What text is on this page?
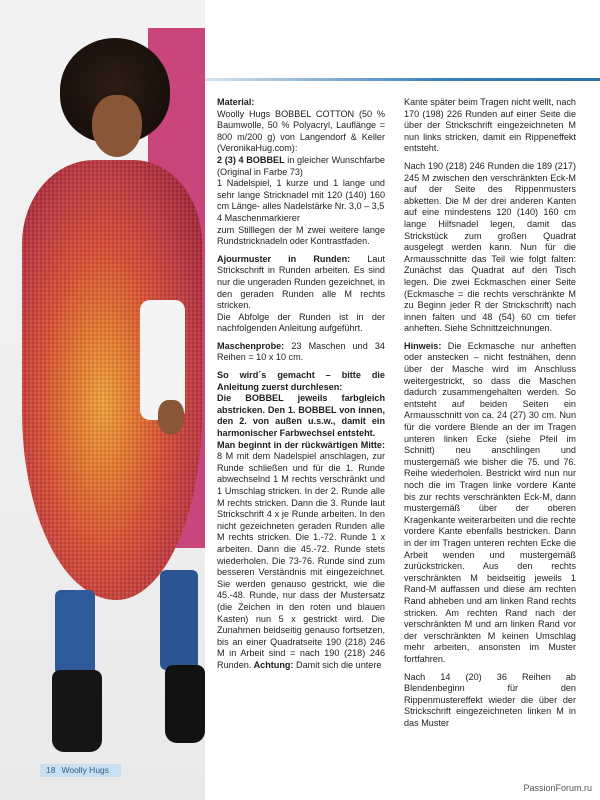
Material:
Woolly Hugs BOBBEL COTTON (50 % Baumwolle, 50 % Polyacryl, Lauflänge = 800 m/200 g) von Langendorf & Keller (VeronikaHug.com):
2 (3) 4 BOBBEL in gleicher Wunschfarbe (Original in Farbe 73)
1 Nadelspiel, 1 kurze und 1 lange und sehr lange Stricknadel mit 120 (140) 160 cm Länge- alles Nadelstärke Nr. 3,0 – 3,5
4 Maschenmarkierer
zum Stilllegen der M zwei weitere lange Rundstricknadeln oder Kontrastfaden.

Ajourmuster in Runden: Laut Strickschrift in Runden arbeiten. Es sind nur die ungeraden Runden gezeichnet, in den geraden Runden alle M rechts stricken.
Die Abfolge der Runden ist in der nachfolgenden Anleitung aufgeführt.

Maschenprobe: 23 Maschen und 34 Reihen = 10 x 10 cm.

So wird´s gemacht – bitte die Anleitung zuerst durchlesen:
Die BOBBEL jeweils farbgleich abstricken. Den 1. BOBBEL von innen, den 2. von außen u.s.w., damit ein harmonischer Farbwechsel entsteht.
Man beginnt in der rückwärtigen Mitte: 8 M mit dem Nadelspiel anschlagen, zur Runde schließen und für die 1. Runde abwechselnd 1 M rechts verschränkt und 1 Umschlag stricken. In der 2. Runde alle M rechts stricken. Dann die 3. Runde laut Strickschrift 4 x je Runde arbeiten. In den nicht gezeichneten geraden Runden alle M rechts stricken. Die 1.-72. Runde 1 x arbeiten. Dann die 45.-72. Runde stets wiederholen. Die 73-76. Runde sind zum besseren Verständnis mit eingezeichnet. Sie werden genauso gestrickt, wie die 45.-48. Runde, nur dass der Mustersatz (die Zeichen in den roten und blauen Kasten) nun 5 x gestrickt wird. Die Zunahmen beidseitig genauso fortsetzen, bis an einer Quadratseite 190 (218) 246 M in Arbeit sind = nach 190 (218) 246 Runden. Achtung: Damit sich die untere

Kante später beim Tragen nicht wellt, nach 170 (198) 226 Runden auf einer Seite die über der Strickschrift eingezeichneten M nun links stricken, damit ein Rippeneffekt entsteht.

Nach 190 (218) 246 Runden die 189 (217) 245 M zwischen den verschränkten Eck-M auf der Seite des Rippenmusters abketten. Die M der drei anderen Kanten auf eine mindestens 120 (140) 160 cm lange Hilfsnadel legen, damit das Strickstück zum großen Quadrat ausgelegt werden kann. Nun für die Armausschnitte das Teil wie folgt falten: Zunächst das Quadrat auf den Tisch legen. Die zwei Eckmaschen einer Seite (Eckmasche = die rechts verschränkte M zu Beginn jeder R der Strickschrift) nach innen falten und 48 (54) 60 cm tiefer anheften. Siehe Schnittzeichnungen.

Hinweis: Die Eckmasche nur anheften oder anstecken – nicht festnähen, denn über der Masche wird im Anschluss weitergestrickt, so dass die Maschen dadurch zusammengehalten werden. So entsteht auf beiden Seiten ein Armausschnitt von ca. 24 (27) 30 cm. Nun für die vordere Blende an der im Tragen unteren linken Ecke (siehe Pfeil im Schnitt) neu anschlingen und mustergemäß wie bisher die 75. und 76. Reihe wiederholen. Bestrickt wird nun nur noch die im Tragen linke vordere Kante bis zur rechts verschränkten Eck-M, dann mustergemäß über der oberen Kragenkante weiterarbeiten und die rechte vordere Kante ebenfalls bestricken. Dann in der im Tragen unteren rechten Ecke die Arbeit wenden und mustergemäß zurückstricken. Aus den rechts verschränkten M beidseitig jeweils 1 Rand-M auffassen und diese am rechten Rand abheben und am linken Rand rechts stricken. Am rechten Rand nach der verschränkten M und am linken Rand vor der verschränkten M keinen Umschlag mehr arbeiten, ansonsten im Muster fortfahren.

Nach 14 (20) 36 Reihen ab Blendenbeginn für den Rippenmustereffekt wieder die über der Strickschrift eingezeichneten linken M in das Muster

18 Woolly Hugs
PassionForum.ru
